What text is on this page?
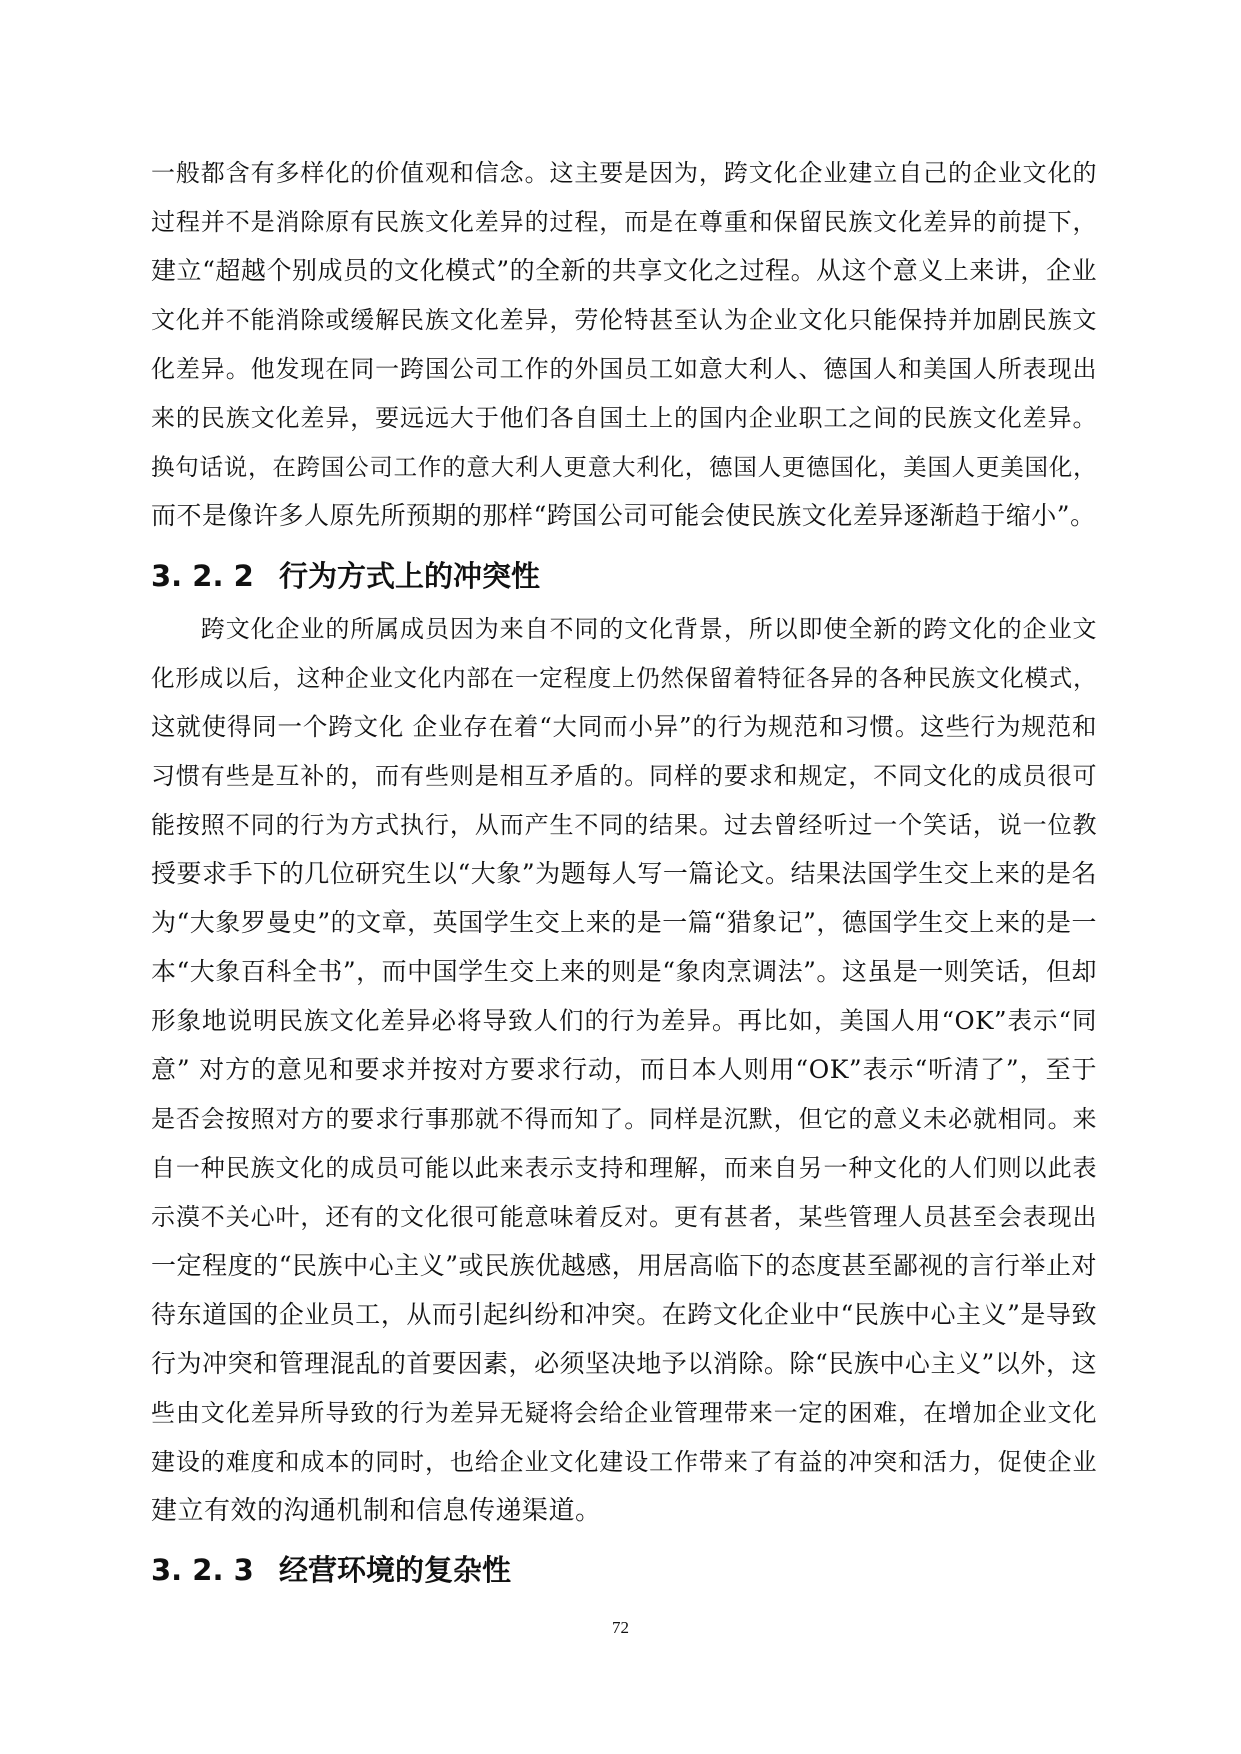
一般都含有多样化的价值观和信念。这主要是因为，跨文化企业建立自己的企业文化的
过程并不是消除原有民族文化差异的过程，而是在尊重和保留民族文化差异的前提下，
建立“超越个别成员的文化模式”的全新的共享文化之过程。从这个意义上来讲，企业
文化并不能消除或缓解民族文化差异，劳伦特甚至认为企业文化只能保持并加剧民族文
化差异。他发现在同一跨国公司工作的外国员工如意大利人、德国人和美国人所表现出
来的民族文化差异，要远远大于他们各自国土上的国内企业职工之间的民族文化差异。
换句话说，在跨国公司工作的意大利人更意大利化，德国人更德国化，美国人更美国化，
而不是像许多人原先所预期的那样“跨国公司可能会使民族文化差异逐渐趋于缩小”。
3. 2. 2 行为方式上的冲突性
　　跨文化企业的所属成员因为来自不同的文化背景，所以即使全新的跨文化的企业文
化形成以后，这种企业文化内部在一定程度上仍然保留着特征各异的各种民族文化模式，
这就使得同一个跨文化 企业存在着“大同而小异”的行为规范和习惯。这些行为规范和
习惯有些是互补的，而有些则是相互矛盾的。同样的要求和规定，不同文化的成员很可
能按照不同的行为方式执行，从而产生不同的结果。过去曾经听过一个笑话，说一位教
授要求手下的几位研究生以“大象”为题每人写一篇论文。结果法国学生交上来的是名
为“大象罗曼史”的文章，英国学生交上来的是一篇“猎象记”，德国学生交上来的是一
本“大象百科全书”，而中国学生交上来的则是“象肉烹调法”。这虽是一则笑话，但却
形象地说明民族文化差异必将导致人们的行为差异。再比如，美国人用“OK”表示“同
意” 对方的意见和要求并按对方要求行动，而日本人则用“OK”表示“听清了”，至于
是否会按照对方的要求行事那就不得而知了。同样是沉默，但它的意义未必就相同。来
自一种民族文化的成员可能以此来表示支持和理解，而来自另一种文化的人们则以此表
示漠不关心叶，还有的文化很可能意味着反对。更有甚者，某些管理人员甚至会表现出
一定程度的“民族中心主义”或民族优越感，用居高临下的态度甚至鄙视的言行举止对
待东道国的企业员工，从而引起纠纷和冲突。在跨文化企业中“民族中心主义”是导致
行为冲突和管理混乱的首要因素，必须坚决地予以消除。除“民族中心主义”以外，这
些由文化差异所导致的行为差异无疑将会给企业管理带来一定的困难，在增加企业文化
建设的难度和成本的同时，也给企业文化建设工作带来了有益的冲突和活力，促使企业
建立有效的沟通机制和信息传递渠道。
3. 2. 3 经营环境的复杂性
72
